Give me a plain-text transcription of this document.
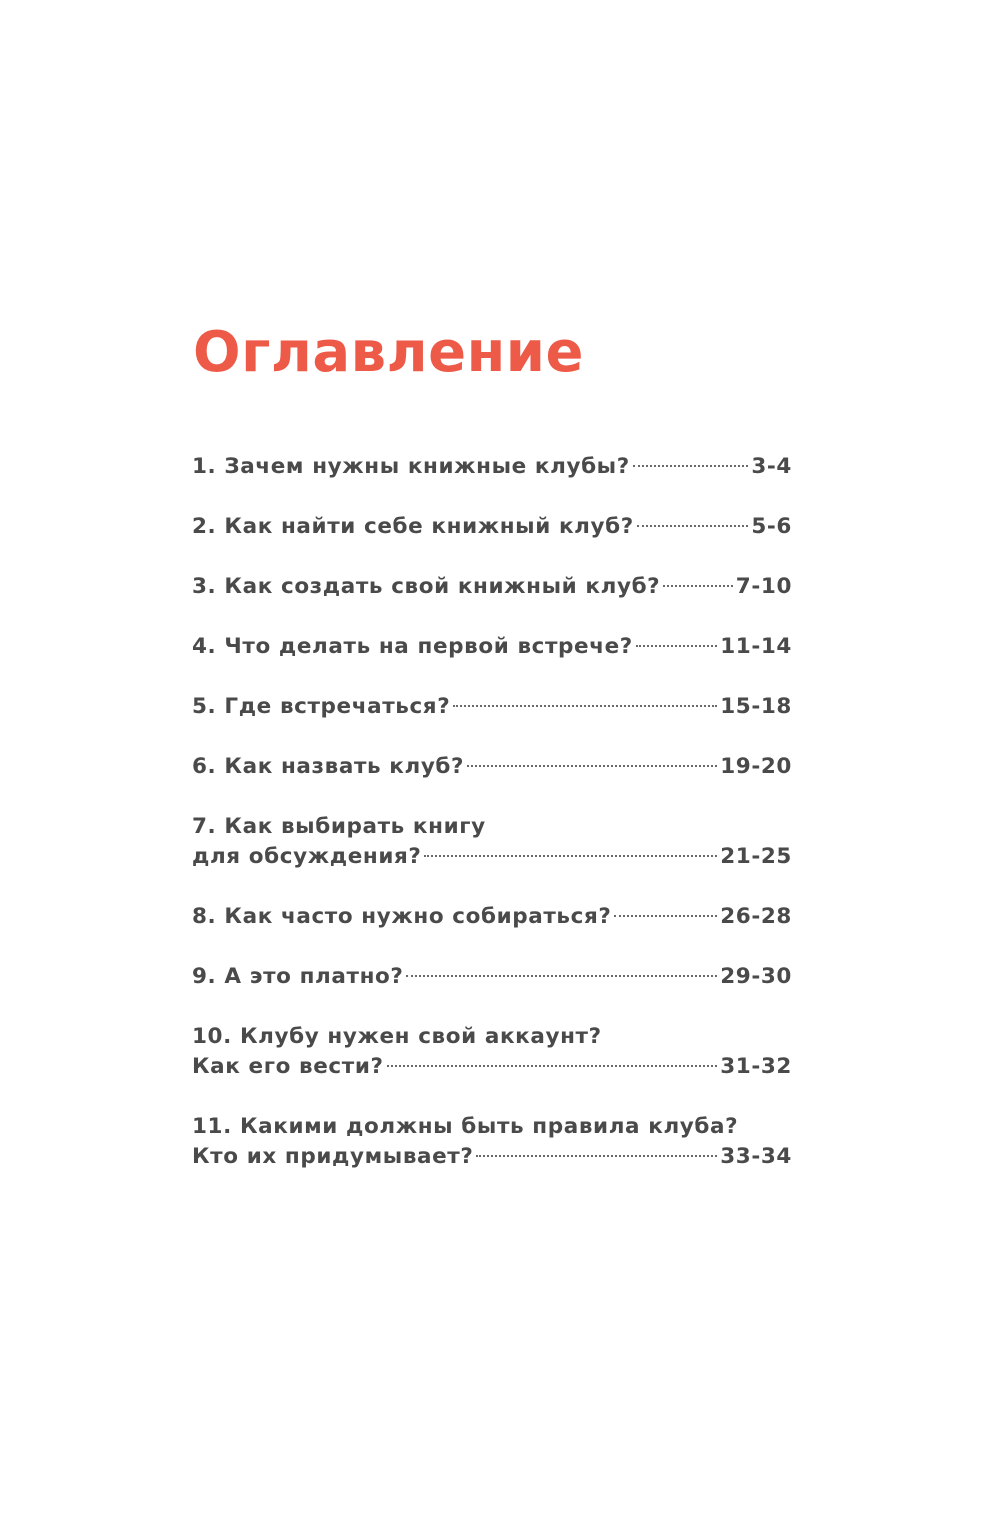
Оглавление
1. Зачем нужны книжные клубы?	3-4
2. Как найти себе книжный клуб?	5-6
3. Как создать свой книжный клуб?	7-10
4. Что делать на первой встрече?	11-14
5. Где встречаться?	15-18
6. Как назвать клуб?	19-20
7. Как выбирать книгу
для обсуждения?	21-25
8. Как часто нужно собираться?	26-28
9. А это платно?	29-30
10. Клубу нужен свой аккаунт?
Как его вести?	31-32
11. Какими должны быть правила клуба?
Кто их придумывает?	33-34
